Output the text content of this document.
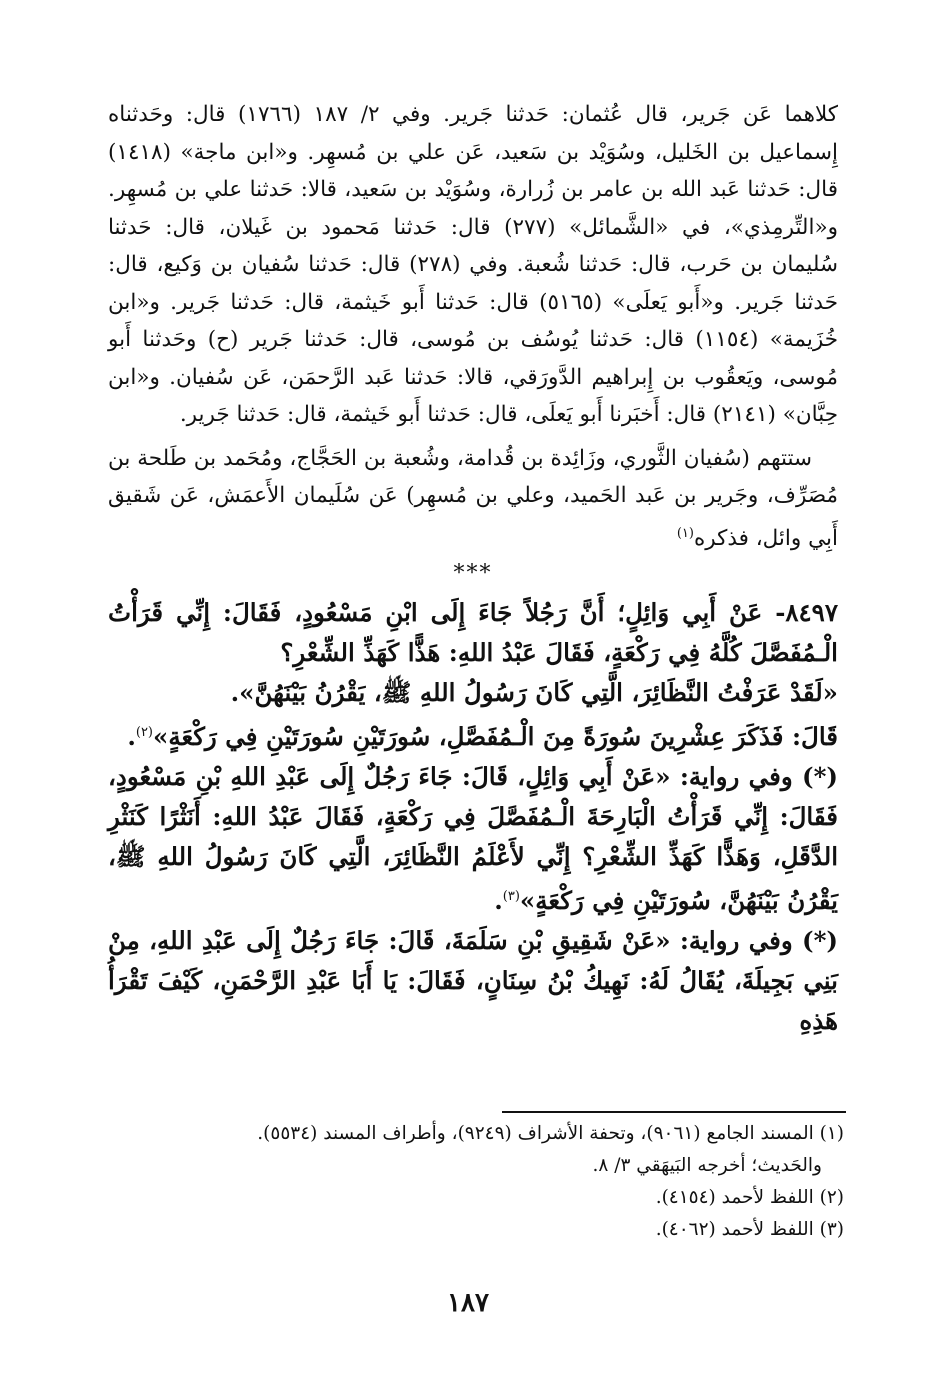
كلاهما عَن جَرير، قال عُثمان: حَدثنا جَرير. وفي ٢/ ١٨٧ (١٧٦٦) قال: وحَدثناه إِسماعيل بن الخَليل، وسُوَيْد بن سَعيد، عَن علي بن مُسهِر. و«ابن ماجة» (١٤١٨) قال: حَدثنا عَبد الله بن عامر بن زُرارة، وسُوَيْد بن سَعيد، قالا: حَدثنا علي بن مُسهِر. و«التِّرمِذي»، في «الشَّمائل» (٢٧٧) قال: حَدثنا مَحمود بن غَيلان، قال: حَدثنا سُليمان بن حَرب، قال: حَدثنا شُعبة. وفي (٢٧٨) قال: حَدثنا سُفيان بن وَكيع، قال: حَدثنا جَرير. و«أَبو يَعلَى» (٥١٦٥) قال: حَدثنا أَبو خَيثمة، قال: حَدثنا جَرير. و«ابن خُزَيمة» (١١٥٤) قال: حَدثنا يُوسُف بن مُوسى، قال: حَدثنا جَرير (ح) وحَدثنا أَبو مُوسى، ويَعقُوب بن إِبراهيم الدَّورَقي، قالا: حَدثنا عَبد الرَّحمَن، عَن سُفيان. و«ابن حِبَّان» (٢١٤١) قال: أَخبَرنا أَبو يَعلَى، قال: حَدثنا أَبو خَيثمة، قال: حَدثنا جَرير.

ستتهم (سُفيان الثَّوري، وزَائِدة بن قُدامة، وشُعبة بن الحَجَّاج، ومُحَمد بن طَلحة بن مُصَرِّف، وجَرير بن عَبد الحَميد، وعلي بن مُسهِر) عَن سُلَيمان الأَعمَش، عَن شَقيق أَبِي وائل، فذكره$^{(١)}$

***

٨٤٩٧- عَنْ أَبِي وَائِلٍ؛ أَنَّ رَجُلاً جَاءَ إِلَى ابْنِ مَسْعُودٍ، فَقَالَ: إِنِّي قَرَأْتُ الْـمُفَصَّلَ كُلَّهُ فِي رَكْعَةٍ، فَقَالَ عَبْدُ اللهِ: هَذًّا كَهَذِّ الشِّعْرِ؟

«لَقَدْ عَرَفْتُ النَّظَائِرَ، الَّتِي كَانَ رَسُولُ اللهِ ﷺ، يَقْرُنُ بَيْنَهُنَّ».

قَالَ: فَذَكَرَ عِشْرِينَ سُورَةً مِنَ الْـمُفَصَّلِ، سُورَتَيْنِ سُورَتَيْنِ فِي رَكْعَةٍ»$^{(٢)}$.

(*) وفي رواية: «عَنْ أَبِي وَائِلٍ، قَالَ: جَاءَ رَجُلٌ إِلَى عَبْدِ اللهِ بْنِ مَسْعُودٍ، فَقَالَ: إِنِّي قَرَأْتُ الْبَارِحَةَ الْـمُفَصَّلَ فِي رَكْعَةٍ، فَقَالَ عَبْدُ اللهِ: أَنَثْرًا كَنَثْرِ الدَّقَلِ، وَهَذًّا كَهَذِّ الشِّعْرِ؟ إِنِّي لأَعْلَمُ النَّظَائِرَ، الَّتِي كَانَ رَسُولُ اللهِ ﷺ، يَقْرُنُ بَيْنَهُنَّ، سُورَتَيْنِ فِي رَكْعَةٍ»$^{(٣)}$.

(*) وفي رواية: «عَنْ شَقِيقِ بْنِ سَلَمَةَ، قَالَ: جَاءَ رَجُلٌ إِلَى عَبْدِ اللهِ، مِنْ بَنِي بَجِيلَةَ، يُقَالُ لَهُ: نَهِيكُ بْنُ سِنَانٍ، فَقَالَ: يَا أَبَا عَبْدِ الرَّحْمَنِ، كَيْفَ تَقْرَأُ هَذِهِ

(١) المسند الجامع (٩٠٦١)، وتحفة الأشراف (٩٢٤٩)، وأطراف المسند (٥٥٣٤).

والحَديث؛ أخرجه البَيهَقي ٣/ ٨.

(٢) اللفظ لأحمد (٤١٥٤).

(٣) اللفظ لأحمد (٤٠٦٢).

١٨٧
